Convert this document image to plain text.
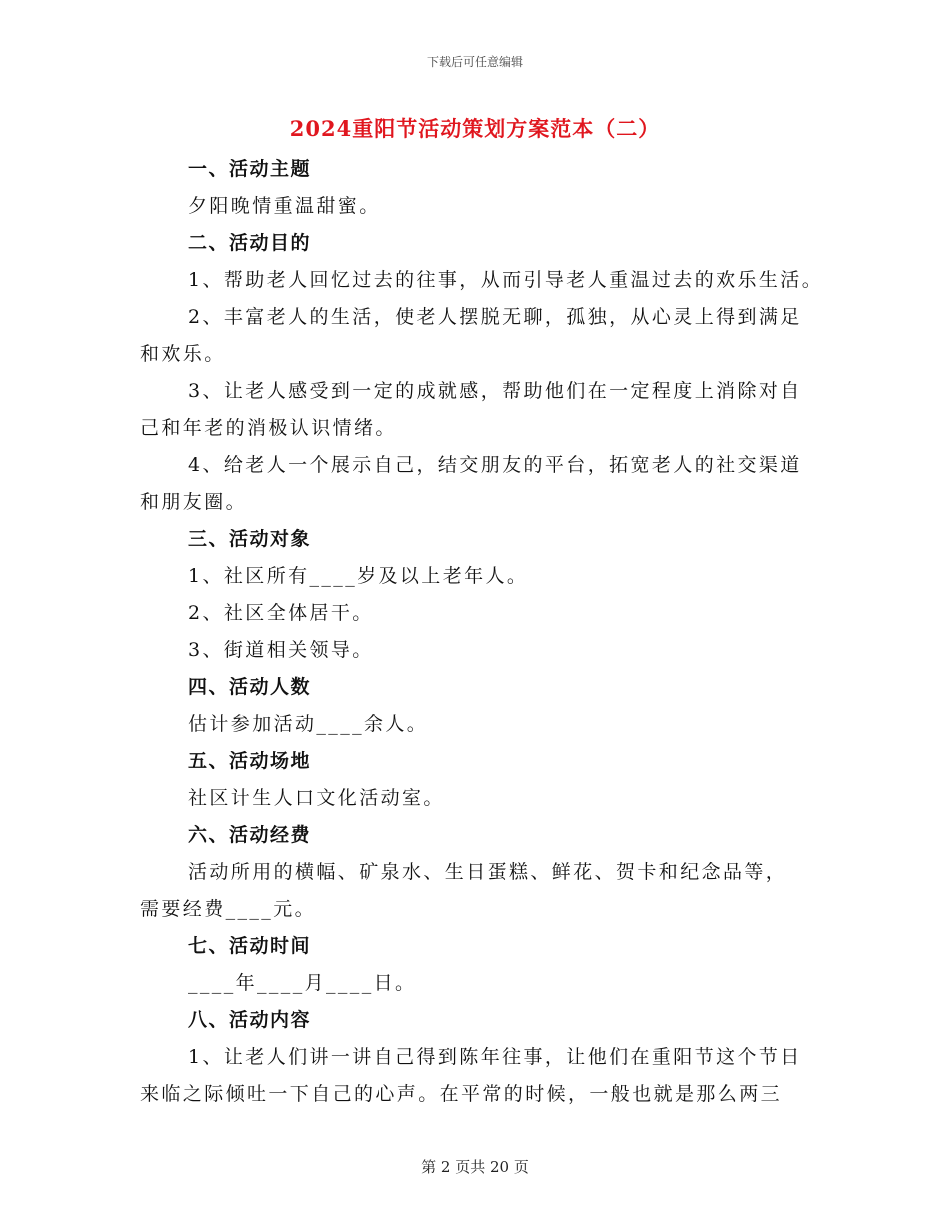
下载后可任意编辑
2024重阳节活动策划方案范本（二）
一、活动主题
夕阳晚情重温甜蜜。
二、活动目的
1、帮助老人回忆过去的往事，从而引导老人重温过去的欢乐生活。
2、丰富老人的生活，使老人摆脱无聊，孤独，从心灵上得到满足
和欢乐。
3、让老人感受到一定的成就感，帮助他们在一定程度上消除对自
己和年老的消极认识情绪。
4、给老人一个展示自己，结交朋友的平台，拓宽老人的社交渠道
和朋友圈。
三、活动对象
1、社区所有____岁及以上老年人。
2、社区全体居干。
3、街道相关领导。
四、活动人数
估计参加活动____余人。
五、活动场地
社区计生人口文化活动室。
六、活动经费
活动所用的横幅、矿泉水、生日蛋糕、鲜花、贺卡和纪念品等，
需要经费____元。
七、活动时间
____年____月____日。
八、活动内容
1、让老人们讲一讲自己得到陈年往事，让他们在重阳节这个节日
来临之际倾吐一下自己的心声。在平常的时候，一般也就是那么两三
第 2 页共 20 页
